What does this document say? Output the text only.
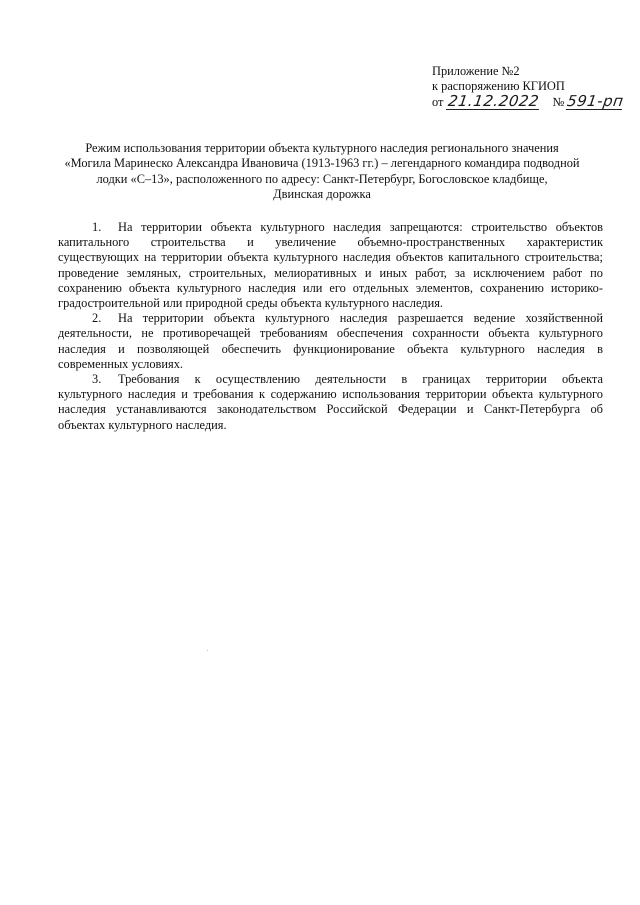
Приложение №2
к распоряжению КГИОП
от 21.12.2022 № 591-рп
Режим использования территории объекта культурного наследия регионального значения
«Могила Маринеско Александра Ивановича (1913-1963 гг.) – легендарного командира подводной
лодки «С–13», расположенного по адресу: Санкт-Петербург, Богословское кладбище,
Двинская дорожка
1. На территории объекта культурного наследия запрещаются: строительство объектов
капитального строительства и увеличение объемно-пространственных характеристик
существующих на территории объекта культурного наследия объектов капитального строительства;
проведение земляных, строительных, мелиоративных и иных работ, за исключением работ по
сохранению объекта культурного наследия или его отдельных элементов, сохранению историко-
градостроительной или природной среды объекта культурного наследия.
2. На территории объекта культурного наследия разрешается ведение хозяйственной
деятельности, не противоречащей требованиям обеспечения сохранности объекта культурного
наследия и позволяющей обеспечить функционирование объекта культурного наследия в
современных условиях.
3. Требования к осуществлению деятельности в границах территории объекта
культурного наследия и требования к содержанию использования территории объекта культурного
наследия устанавливаются законодательством Российской Федерации и Санкт-Петербурга об
объектах культурного наследия.
